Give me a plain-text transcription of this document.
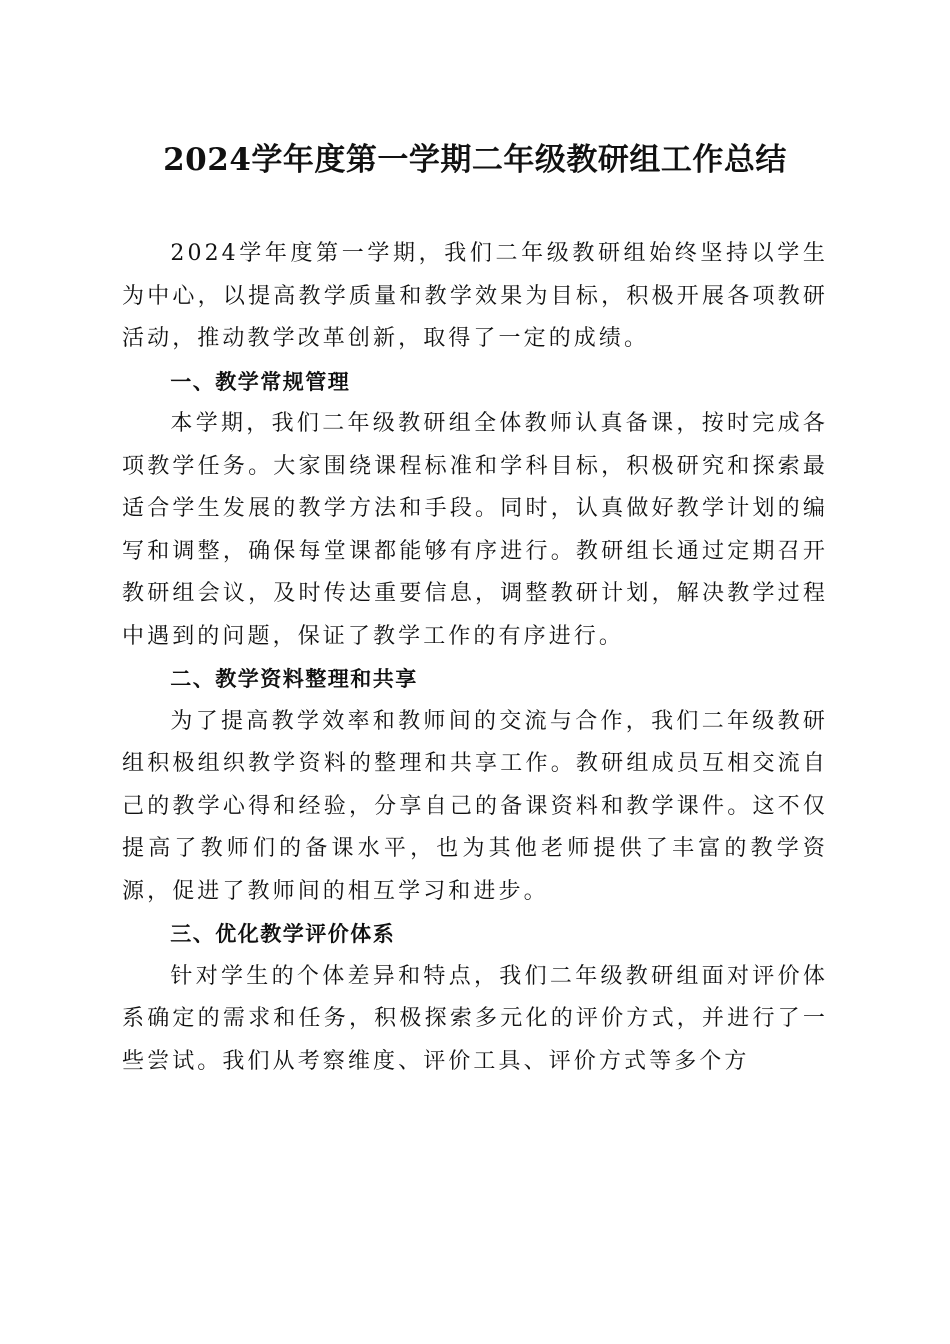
2024学年度第一学期二年级教研组工作总结

2024学年度第一学期，我们二年级教研组始终坚持以学生为中心，以提高教学质量和教学效果为目标，积极开展各项教研活动，推动教学改革创新，取得了一定的成绩。

一、教学常规管理

本学期，我们二年级教研组全体教师认真备课，按时完成各项教学任务。大家围绕课程标准和学科目标，积极研究和探索最适合学生发展的教学方法和手段。同时，认真做好教学计划的编写和调整，确保每堂课都能够有序进行。教研组长通过定期召开教研组会议，及时传达重要信息，调整教研计划，解决教学过程中遇到的问题，保证了教学工作的有序进行。

二、教学资料整理和共享

为了提高教学效率和教师间的交流与合作，我们二年级教研组积极组织教学资料的整理和共享工作。教研组成员互相交流自己的教学心得和经验，分享自己的备课资料和教学课件。这不仅提高了教师们的备课水平，也为其他老师提供了丰富的教学资源，促进了教师间的相互学习和进步。

三、优化教学评价体系

针对学生的个体差异和特点，我们二年级教研组面对评价体系确定的需求和任务，积极探索多元化的评价方式，并进行了一些尝试。我们从考察维度、评价工具、评价方式等多个方
